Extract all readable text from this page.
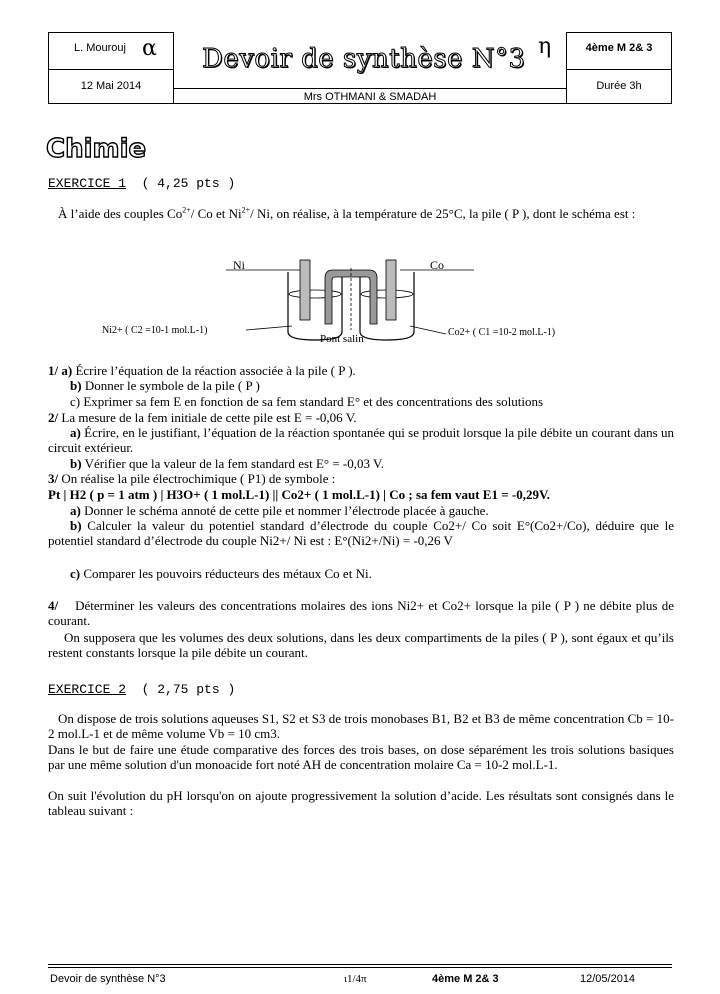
L. Mourouj α
12 Mai 2014
Devoir de synthèse N°3 η
Mrs OTHMANI & SMADAH
4ème M 2& 3
Durée 3h
Chimie
EXERCICE 1 ( 4,25 pts )

À l’aide des couples $Co^{2+}/$ Co et $Ni^{2+}/$ Ni, on réalise, à la température de 25°C, la pile ( P ), dont le schéma est :

Ni	Co
Ni2+ ( C2 =10-1 mol.L-1)	Co2+ ( C1 =10-2 mol.L-1)
Pont salin

1/ a) Écrire l’équation de la réaction associée à la pile ( P ).

b) Donner le symbole de la pile ( P )

c) Exprimer sa fem E en fonction de sa fem standard E° et des concentrations des solutions

2/ La mesure de la fem initiale de cette pile est E = -0,06 V.

a) Écrire, en le justifiant, l’équation de la réaction spontanée qui se produit lorsque la pile débite un courant dans un circuit extérieur.

b) Vérifier que la valeur de la fem standard est E° = -0,03 V.

3/ On réalise la pile électrochimique ( P1) de symbole :

Pt | H2 ( p = 1 atm ) | H3O+ ( 1 mol.L-1) || Co2+ ( 1 mol.L-1) | Co ; sa fem vaut E1 = -0,29V.

a) Donner le schéma annoté de cette pile et nommer l’électrode placée à gauche.

b) Calculer la valeur du potentiel standard d’électrode du couple Co2+/ Co soit E°(Co2+/Co), déduire que le potentiel standard d’électrode du couple Ni2+/ Ni est : E°(Ni2+/Ni) = -0,26 V

c) Comparer les pouvoirs réducteurs des métaux Co et Ni.

4/ Déterminer les valeurs des concentrations molaires des ions Ni2+ et Co2+ lorsque la pile ( P ) ne débite plus de courant.

On supposera que les volumes des deux solutions, dans les deux compartiments de la piles ( P ), sont égaux et qu’ils restent constants lorsque la pile débite un courant.

EXERCICE 2 ( 2,75 pts )

On dispose de trois solutions aqueuses S1, S2 et S3 de trois monobases B1, B2 et B3 de même concentration Cb = 10-2 mol.L-1 et de même volume Vb = 10 cm3.

Dans le but de faire une étude comparative des forces des trois bases, on dose séparément les trois solutions basiques par une même solution d'un monoacide fort noté AH de concentration molaire Ca = 10-2 mol.L-1.

On suit l'évolution du pH lorsqu'on on ajoute progressivement la solution d’acide. Les résultats sont consignés dans le tableau suivant :

Devoir de synthèse N°3	ι1/4π	4ème M 2& 3	12/05/2014
